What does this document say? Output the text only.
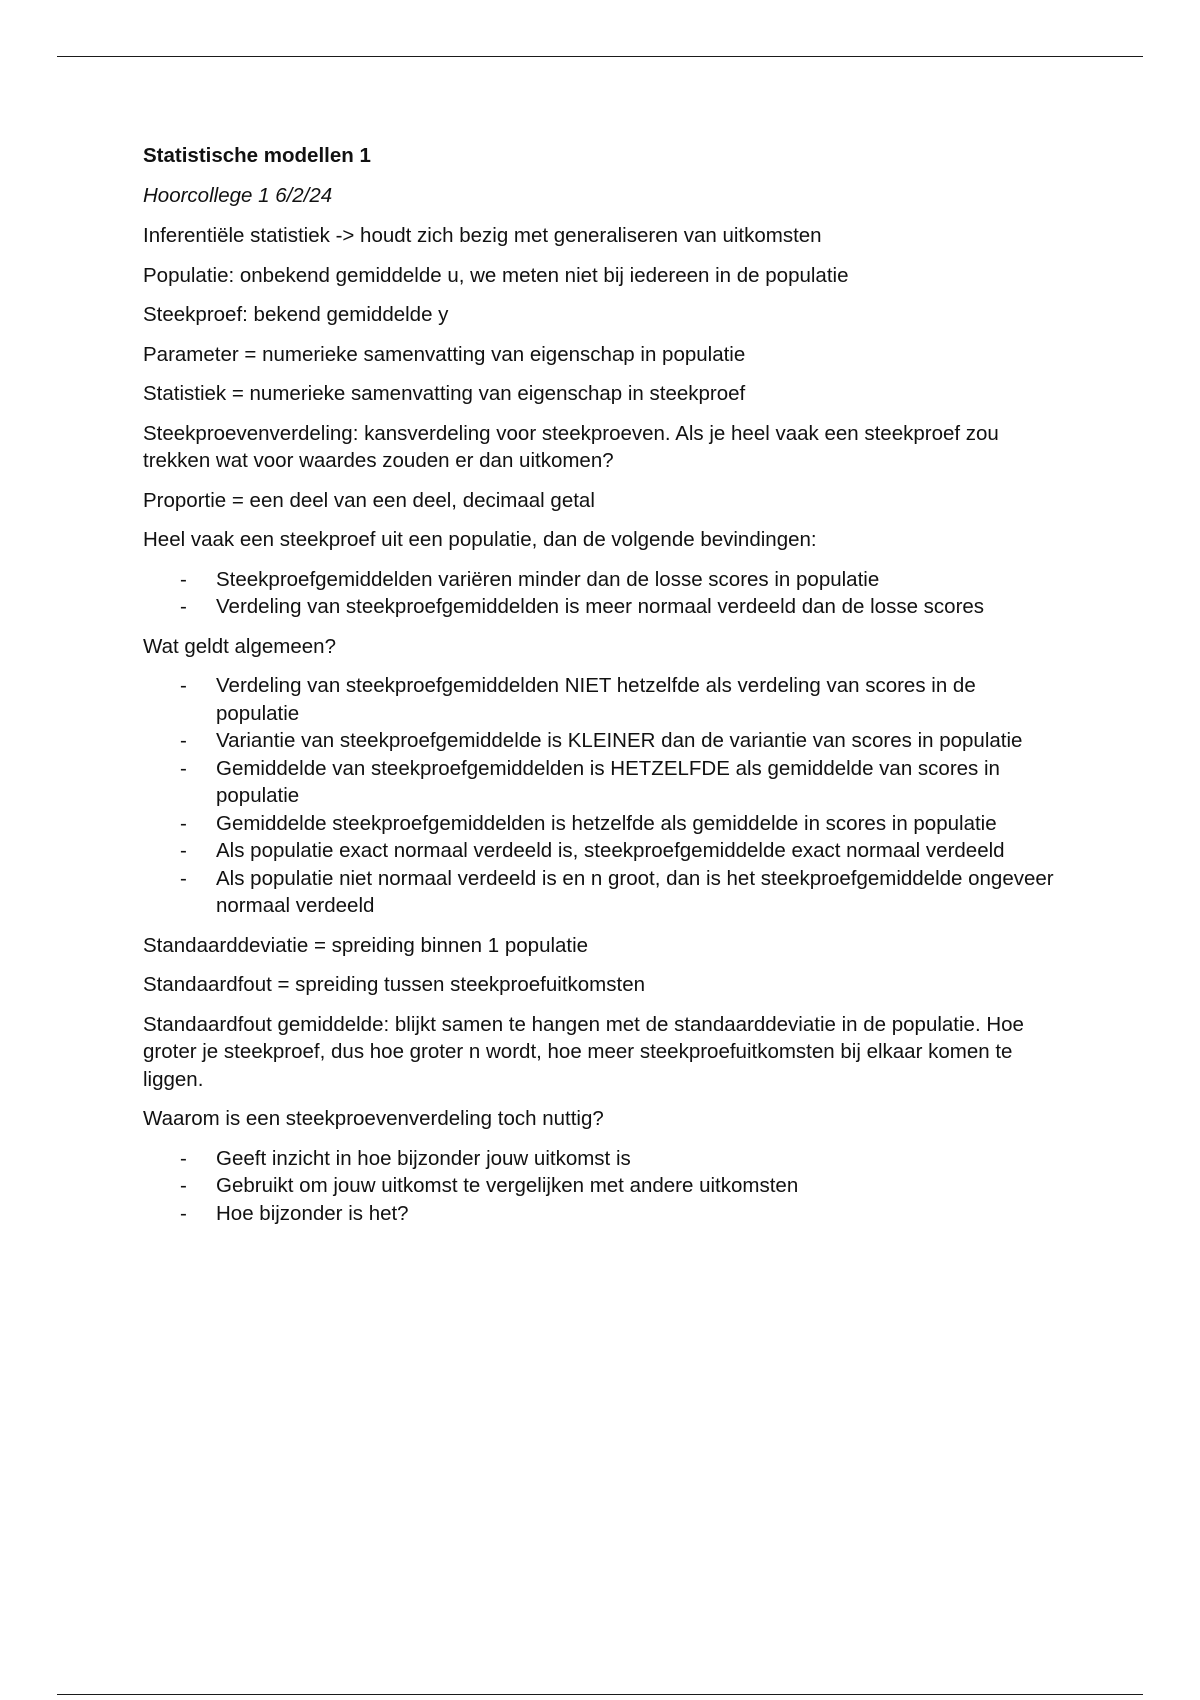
Statistische modellen 1
Hoorcollege 1 6/2/24

Inferentiële statistiek -> houdt zich bezig met generaliseren van uitkomsten

Populatie: onbekend gemiddelde u, we meten niet bij iedereen in de populatie

Steekproef: bekend gemiddelde y

Parameter = numerieke samenvatting van eigenschap in populatie

Statistiek = numerieke samenvatting van eigenschap in steekproef

Steekproevenverdeling: kansverdeling voor steekproeven. Als je heel vaak een steekproef zou trekken wat voor waardes zouden er dan uitkomen?

Proportie = een deel van een deel, decimaal getal

Heel vaak een steekproef uit een populatie, dan de volgende bevindingen:

- Steekproefgemiddelden variëren minder dan de losse scores in populatie
- Verdeling van steekproefgemiddelden is meer normaal verdeeld dan de losse scores

Wat geldt algemeen?

- Verdeling van steekproefgemiddelden NIET hetzelfde als verdeling van scores in de populatie
- Variantie van steekproefgemiddelde is KLEINER dan de variantie van scores in populatie
- Gemiddelde van steekproefgemiddelden is HETZELFDE als gemiddelde van scores in populatie
- Gemiddelde steekproefgemiddelden is hetzelfde als gemiddelde in scores in populatie
- Als populatie exact normaal verdeeld is, steekproefgemiddelde exact normaal verdeeld
- Als populatie niet normaal verdeeld is en n groot, dan is het steekproefgemiddelde ongeveer normaal verdeeld

Standaarddeviatie = spreiding binnen 1 populatie

Standaardfout = spreiding tussen steekproefuitkomsten

Standaardfout gemiddelde: blijkt samen te hangen met de standaarddeviatie in de populatie. Hoe groter je steekproef, dus hoe groter n wordt, hoe meer steekproefuitkomsten bij elkaar komen te liggen.

Waarom is een steekproevenverdeling toch nuttig?

- Geeft inzicht in hoe bijzonder jouw uitkomst is
- Gebruikt om jouw uitkomst te vergelijken met andere uitkomsten
- Hoe bijzonder is het?
